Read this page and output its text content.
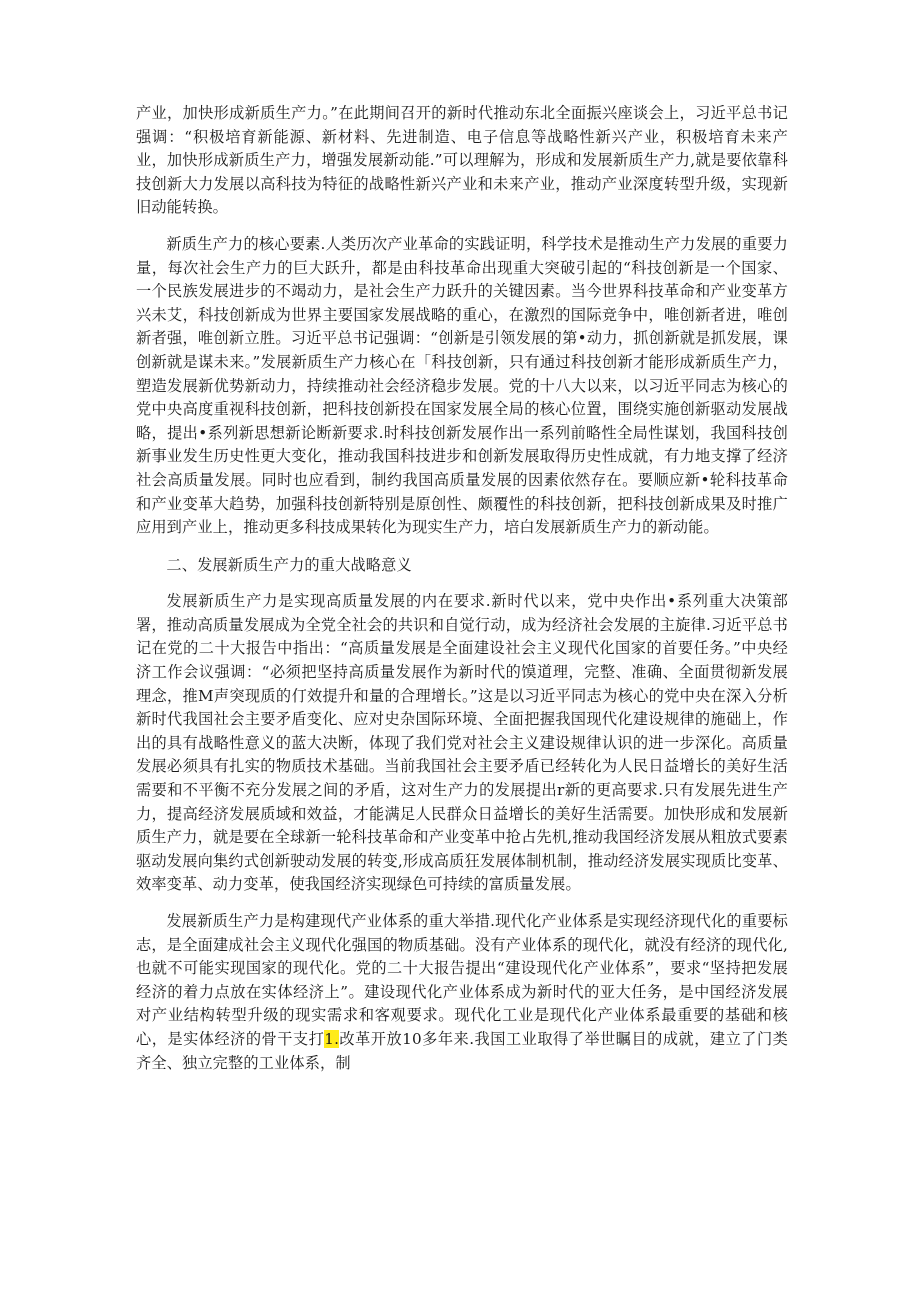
产业，加快形成新质生产力。”在此期间召开的新时代推动东北全面振兴座谈会上，习近平总书记强调：“积极培育新能源、新材料、先进制造、电子信息等战略性新兴产业，积极培育未来产业，加快形成新质生产力，增强发展新动能.”可以理解为，形成和发展新质生产力,就是要依靠科技创新大力发展以高科技为特征的战略性新兴产业和未来产业，推动产业深度转型升级，实现新旧动能转换。

新质生产力的核心要素.人类历次产业革命的实践证明，科学技术是推动生产力发展的重要力量，每次社会生产力的巨大跃升，都是由科技革命出现重大突破引起的“科技创新是一个国家、一个民族发展进步的不竭动力，是社会生产力跃升的关键因素。当今世界科技革命和产业变革方兴未艾，科技创新成为世界主要国家发展战略的重心，在激烈的国际竞争中，唯创新者进，唯创新者强，唯创新立胜。习近平总书记强调：“创新是引领发展的第•动力，抓创新就是抓发展，课创新就是谋未来。”发展新质生产力核心在「科技创新，只有通过科技创新才能形成新质生产力，塑造发展新优势新动力，持续推动社会经济稳步发展。党的十八大以来，以习近平同志为核心的党中央高度重视科技创新，把科技创新投在国家发展全局的核心位置，围绕实施创新驱动发展战略，提出•系列新思想新论断新要求.时科技创新发展作出一系列前略性全局性谋划，我国科技创新事业发生历史性更大变化，推动我国科技进步和创新发展取得历史性成就，有力地支撑了经济社会高质量发展。同时也应看到，制约我国高质量发展的因素依然存在。要顺应新•轮科技革命和产业变革大趋势，加强科技创新特别是原创性、颇覆性的科技创新，把科技创新成果及时推广应用到产业上，推动更多科技成果转化为现实生产力，培白发展新质生产力的新动能。

二、发展新质生产力的重大战略意义

发展新质生产力是实现高质量发展的内在要求.新时代以来，党中央作出•系列重大决策部署，推动高质量发展成为全党全社会的共识和自觉行动，成为经济社会发展的主旋律.习近平总书记在党的二十大报告中指出：“高质量发展是全面建设社会主义现代化国家的首要任务。”中央经济工作会议强调：“必须把坚持高质量发展作为新时代的馍道理，完整、准确、全面贯彻新发展理念，推M声突现质的仃效提升和量的合理增长。”这是以习近平同志为核心的党中央在深入分析新时代我国社会主要矛盾变化、应对史杂国际环境、全面把握我国现代化建设规律的施础上，作出的具有战略性意义的蓝大决断，体现了我们党对社会主义建设规律认识的进一步深化。高质量发展必须具有扎实的物质技术基础。当前我国社会主要矛盾已经转化为人民日益增长的美好生活需要和不平衡不充分发展之间的矛盾，这对生产力的发展提出r新的更高要求.只有发展先进生产力，提高经济发展质域和效益，才能满足人民群众日益增长的美好生活需要。加快形成和发展新质生产力，就是要在全球新一轮科技革命和产业变革中抢占先机,推动我国经济发展从粗放式要素驱动发展向集约式创新驶动发展的转变,形成高质狂发展体制机制，推动经济发展实现质比变革、效率变革、动力变革，使我国经济实现绿色可持续的富质量发展。

发展新质生产力是构建现代产业体系的重大举措.现代化产业体系是实现经济现代化的重要标志，是全面建成社会主义现代化强国的物质基础。没有产业体系的现代化，就没有经济的现代化,也就不可能实现国家的现代化。党的二十大报告提出“建设现代化产业体系”，要求“坚持把发展经济的着力点放在实体经济上”。建设现代化产业体系成为新时代的亚大任务，是中国经济发展对产业结构转型升级的现实需求和客观要求。现代化工业是现代化产业体系最重要的基础和核心，是实体经济的骨干支打1.改革开放10多年来.我国工业取得了举世瞩目的成就，建立了门类齐全、独立完整的工业体系，制
